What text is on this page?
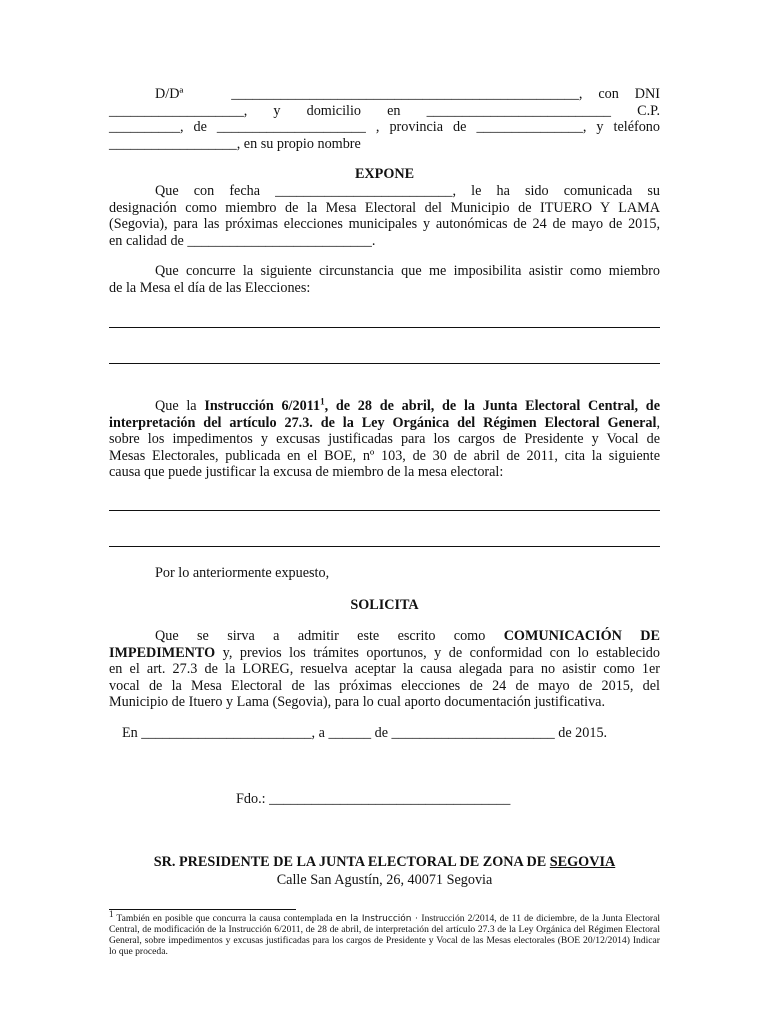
D/Dª	_________________________________________________, con DNI
___________________, y domicilio en __________________________ C.P.
__________, de _____________________ , provincia de _______________, y teléfono
__________________, en su propio nombre
EXPONE
Que con fecha _________________________, le ha sido comunicada su
designación como miembro de la Mesa Electoral del Municipio de ITUERO Y LAMA
(Segovia), para las próximas elecciones municipales y autonómicas de 24 de mayo de 2015,
en calidad de __________________________.
Que concurre la siguiente circunstancia que me imposibilita asistir como miembro
de la Mesa el día de las Elecciones:
Que la Instrucción 6/2011$^1$, de 28 de abril, de la Junta Electoral Central, de
interpretación del artículo 27.3. de la Ley Orgánica del Régimen Electoral General,
sobre los impedimentos y excusas justificadas para los cargos de Presidente y Vocal de
Mesas Electorales, publicada en el BOE, nº 103, de 30 de abril de 2011, cita la siguiente
causa que puede justificar la excusa de miembro de la mesa electoral:
Por lo anteriormente expuesto,
SOLICITA
Que se sirva a admitir este escrito como COMUNICACIÓN DE
IMPEDIMENTO y, previos los trámites oportunos, y de conformidad con lo establecido
en el art. 27.3 de la LOREG, resuelva aceptar la causa alegada para no asistir como 1er
vocal de la Mesa Electoral de las próximas elecciones de 24 de mayo de 2015, del
Municipio de Ituero y Lama (Segovia), para lo cual aporto documentación justificativa.
En ________________________, a ______ de _______________________ de 2015.
Fdo.: __________________________________
SR. PRESIDENTE DE LA JUNTA ELECTORAL DE ZONA DE SEGOVIA
Calle San Agustín, 26, 40071 Segovia
$^1$ También en posible que concurra la causa contemplada en la Instrucción · Instrucción 2/2014, de 11 de diciembre, de la Junta Electoral Central, de modificación de la Instrucción 6/2011, de 28 de abril, de interpretación del artículo 27.3 de la Ley Orgánica del Régimen Electoral General, sobre impedimentos y excusas justificadas para los cargos de Presidente y Vocal de las Mesas electorales (BOE 20/12/2014) Indicar lo que proceda.
